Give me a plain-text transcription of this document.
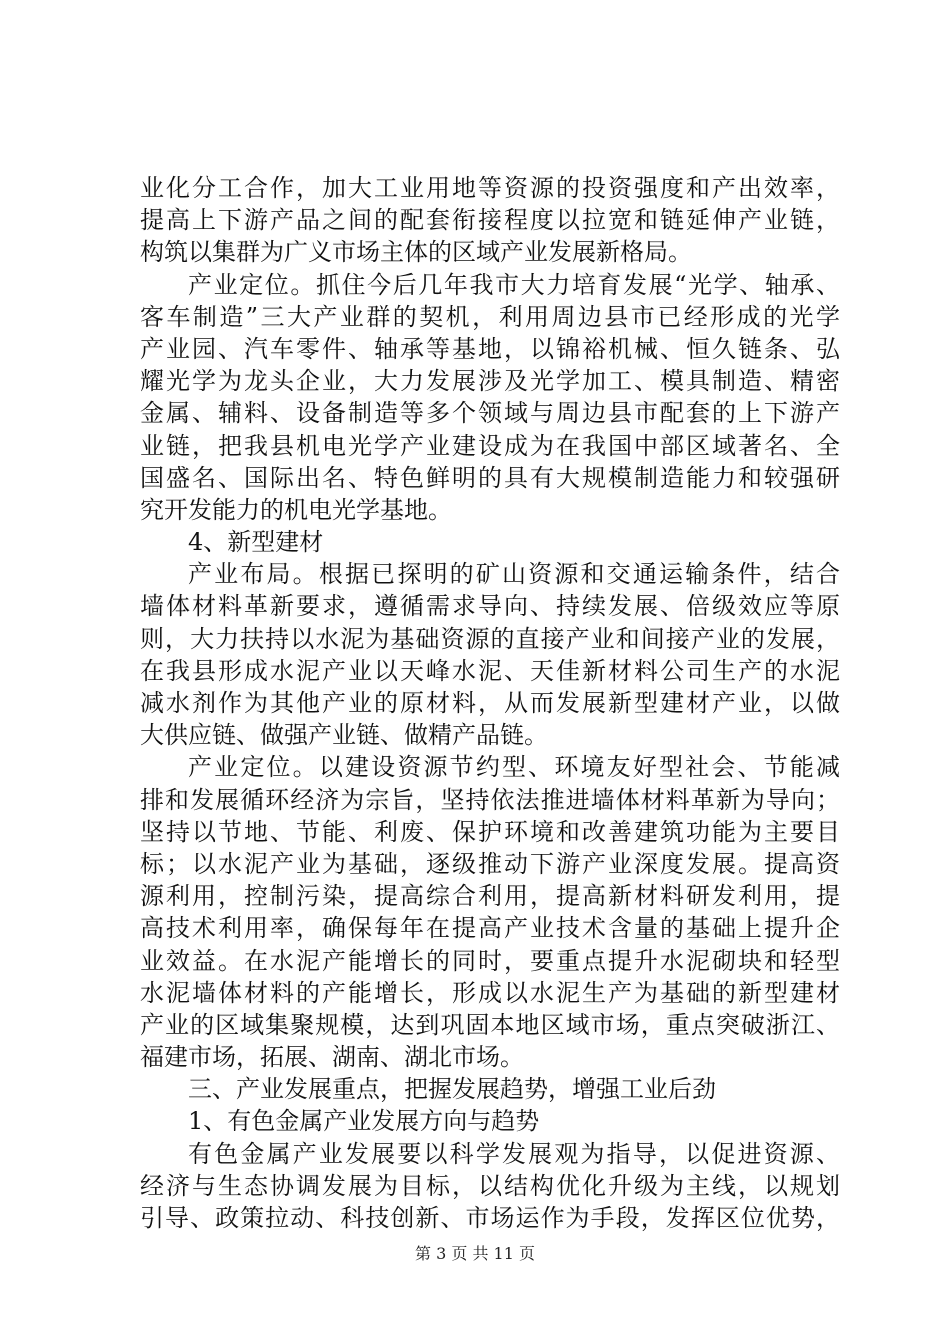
业化分工合作，加大工业用地等资源的投资强度和产出效率，
提高上下游产品之间的配套衔接程度以拉宽和链延伸产业链，
构筑以集群为广义市场主体的区域产业发展新格局。
产业定位。抓住今后几年我市大力培育发展“光学、轴承、
客车制造”三大产业群的契机，利用周边县市已经形成的光学
产业园、汽车零件、轴承等基地，以锦裕机械、恒久链条、弘
耀光学为龙头企业，大力发展涉及光学加工、模具制造、精密
金属、辅料、设备制造等多个领域与周边县市配套的上下游产
业链，把我县机电光学产业建设成为在我国中部区域著名、全
国盛名、国际出名、特色鲜明的具有大规模制造能力和较强研
究开发能力的机电光学基地。
4、新型建材
产业布局。根据已探明的矿山资源和交通运输条件，结合
墙体材料革新要求，遵循需求导向、持续发展、倍级效应等原
则，大力扶持以水泥为基础资源的直接产业和间接产业的发展，
在我县形成水泥产业以天峰水泥、天佳新材料公司生产的水泥
减水剂作为其他产业的原材料，从而发展新型建材产业，以做
大供应链、做强产业链、做精产品链。
产业定位。以建设资源节约型、环境友好型社会、节能减
排和发展循环经济为宗旨，坚持依法推进墙体材料革新为导向；
坚持以节地、节能、利废、保护环境和改善建筑功能为主要目
标；以水泥产业为基础，逐级推动下游产业深度发展。提高资
源利用，控制污染，提高综合利用，提高新材料研发利用，提
高技术利用率，确保每年在提高产业技术含量的基础上提升企
业效益。在水泥产能增长的同时，要重点提升水泥砌块和轻型
水泥墙体材料的产能增长，形成以水泥生产为基础的新型建材
产业的区域集聚规模，达到巩固本地区域市场，重点突破浙江、
福建市场，拓展、湖南、湖北市场。
三、产业发展重点，把握发展趋势，增强工业后劲
1、有色金属产业发展方向与趋势
有色金属产业发展要以科学发展观为指导，以促进资源、
经济与生态协调发展为目标，以结构优化升级为主线，以规划
引导、政策拉动、科技创新、市场运作为手段，发挥区位优势，
第 3 页 共 11 页
